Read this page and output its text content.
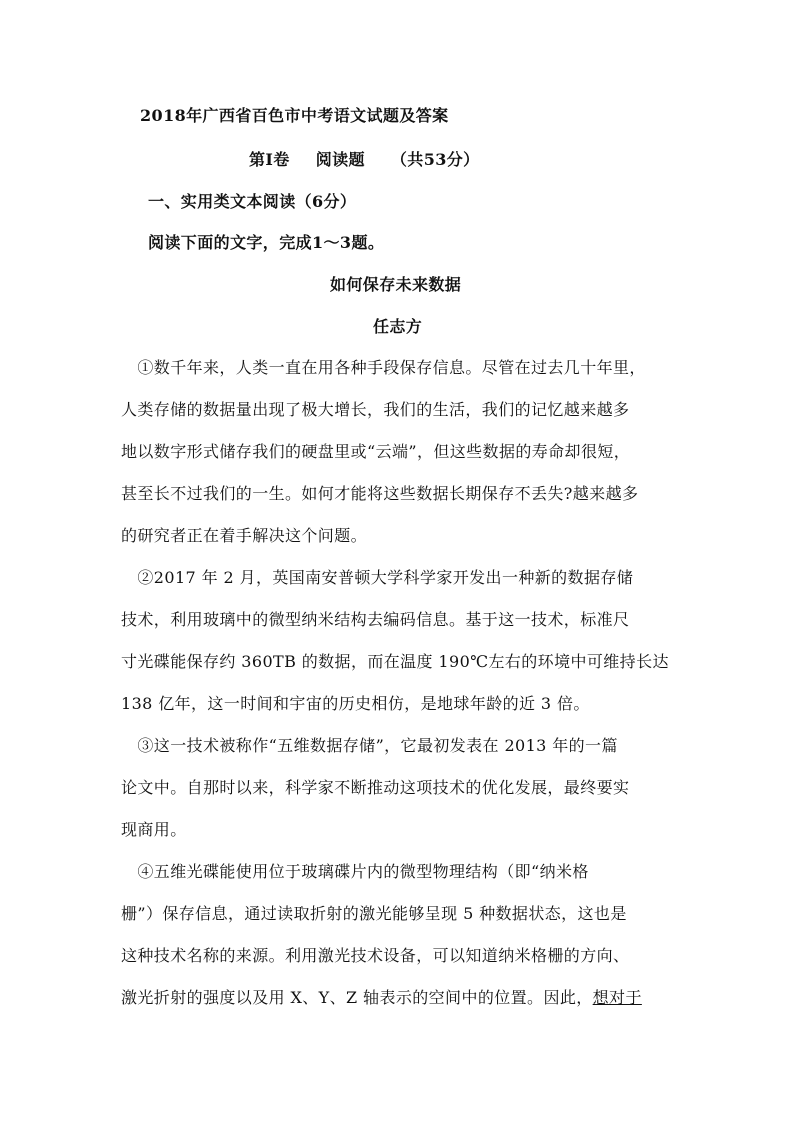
2018年广西省百色市中考语文试题及答案
第Ⅰ卷 阅读题 （共53分）
一、实用类文本阅读（6分）
阅读下面的文字，完成1～3题。
如何保存未来数据
任志方
　①数千年来，人类一直在用各种手段保存信息。尽管在过去几十年里，
人类存储的数据量出现了极大增长，我们的生活，我们的记忆越来越多
地以数字形式储存我们的硬盘里或“云端”，但这些数据的寿命却很短，
甚至长不过我们的一生。如何才能将这些数据长期保存不丢失?越来越多
的研究者正在着手解决这个问题。
　②2017 年 2 月，英国南安普顿大学科学家开发出一种新的数据存储
技术，利用玻璃中的微型纳米结构去编码信息。基于这一技术，标准尺
寸光碟能保存约 360TB 的数据，而在温度 190℃左右的环境中可维持长达
138 亿年，这一时间和宇宙的历史相仿，是地球年龄的近 3 倍。
　③这一技术被称作“五维数据存储”，它最初发表在 2013 年的一篇
论文中。自那时以来，科学家不断推动这项技术的优化发展，最终要实
现商用。
　④五维光碟能使用位于玻璃碟片内的微型物理结构（即“纳米格
栅”）保存信息，通过读取折射的激光能够呈现 5 种数据状态，这也是
这种技术名称的来源。利用激光技术设备，可以知道纳米格栅的方向、
激光折射的强度以及用 X、Y、Z 轴表示的空间中的位置。因此，想对于
